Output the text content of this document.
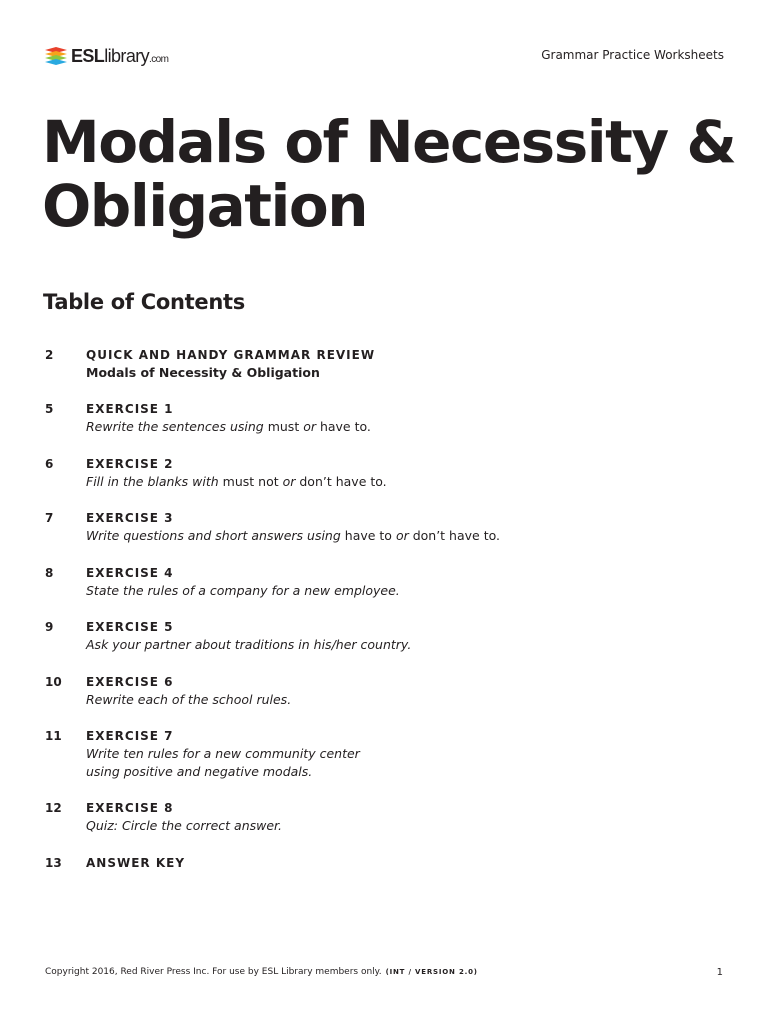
ESLlibrary.com	Grammar Practice Worksheets
Modals of Necessity &
Obligation
Table of Contents
2	QUICK AND HANDY GRAMMAR REVIEW
Modals of Necessity & Obligation
5	EXERCISE 1
Rewrite the sentences using must or have to.
6	EXERCISE 2
Fill in the blanks with must not or don’t have to.
7	EXERCISE 3
Write questions and short answers using have to or don’t have to.
8	EXERCISE 4
State the rules of a company for a new employee.
9	EXERCISE 5
Ask your partner about traditions in his/her country.
10 EXERCISE 6
Rewrite each of the school rules.
11 EXERCISE 7
Write ten rules for a new community center
using positive and negative modals.
12 EXERCISE 8
Quiz: Circle the correct answer.
13 ANSWER KEY
Copyright 2016, Red River Press Inc. For use by ESL Library members only. (INT / VERSION 2.0)	1
